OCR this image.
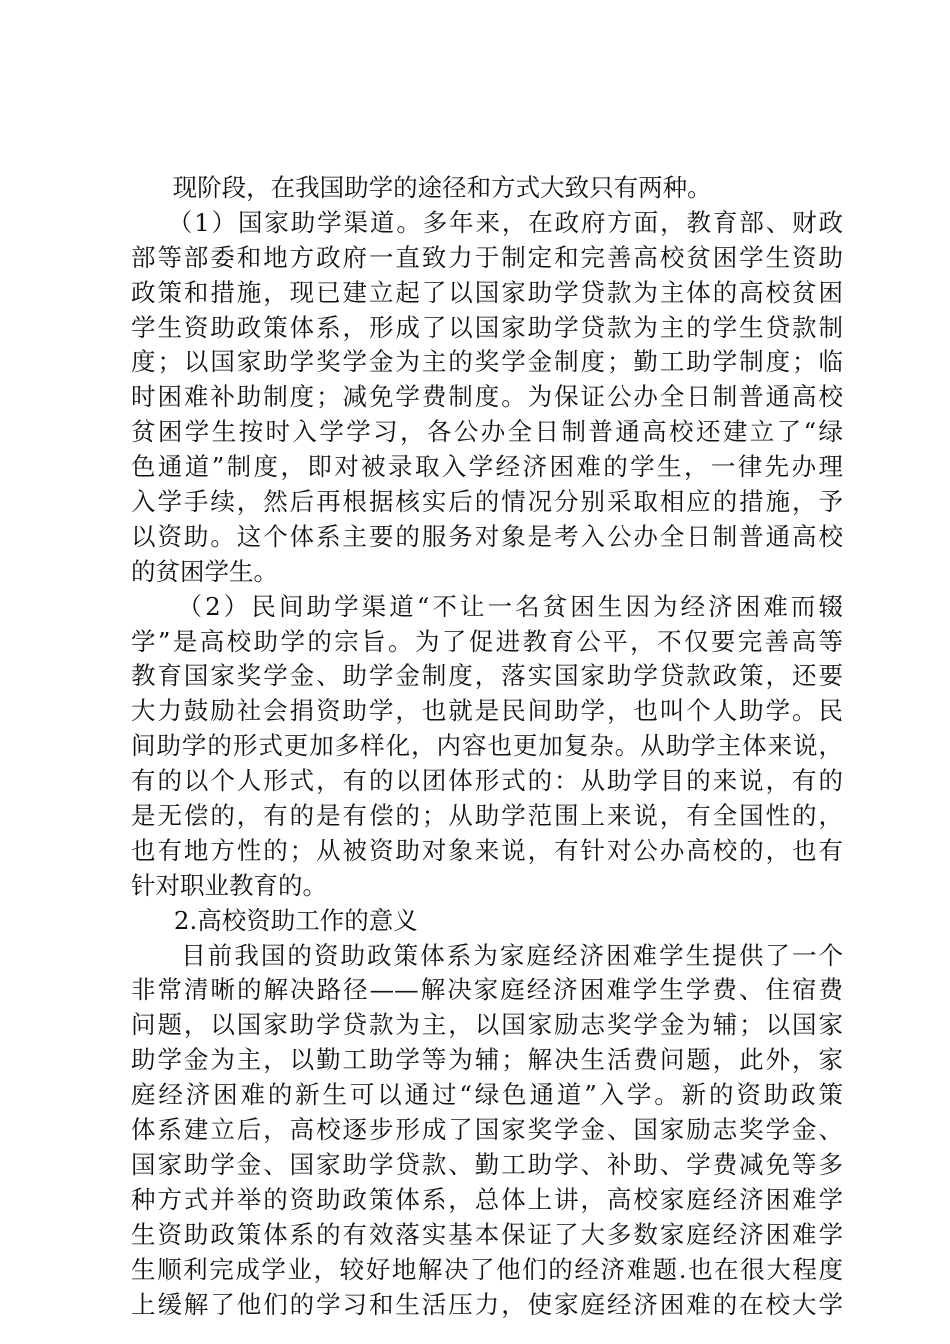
现阶段，在我国助学的途径和方式大致只有两种。
（1）国家助学渠道。多年来，在政府方面，教育部、财政
部等部委和地方政府一直致力于制定和完善高校贫困学生资助
政策和措施，现已建立起了以国家助学贷款为主体的高校贫困
学生资助政策体系，形成了以国家助学贷款为主的学生贷款制
度；以国家助学奖学金为主的奖学金制度；勤工助学制度；临
时困难补助制度；减免学费制度。为保证公办全日制普通高校
贫困学生按时入学学习，各公办全日制普通高校还建立了“绿
色通道”制度，即对被录取入学经济困难的学生，一律先办理
入学手续，然后再根据核实后的情况分别采取相应的措施，予
以资助。这个体系主要的服务对象是考入公办全日制普通高校
的贫困学生。
（2）民间助学渠道“不让一名贫困生因为经济困难而辍
学”是高校助学的宗旨。为了促进教育公平，不仅要完善高等
教育国家奖学金、助学金制度，落实国家助学贷款政策，还要
大力鼓励社会捐资助学，也就是民间助学，也叫个人助学。民
间助学的形式更加多样化，内容也更加复杂。从助学主体来说，
有的以个人形式，有的以团体形式的：从助学目的来说，有的
是无偿的，有的是有偿的；从助学范围上来说，有全国性的，
也有地方性的；从被资助对象来说，有针对公办高校的，也有
针对职业教育的。
2.高校资助工作的意义
目前我国的资助政策体系为家庭经济困难学生提供了一个
非常清晰的解决路径——解决家庭经济困难学生学费、住宿费
问题，以国家助学贷款为主，以国家励志奖学金为辅；以国家
助学金为主，以勤工助学等为辅；解决生活费问题，此外，家
庭经济困难的新生可以通过“绿色通道”入学。新的资助政策
体系建立后，高校逐步形成了国家奖学金、国家励志奖学金、
国家助学金、国家助学贷款、勤工助学、补助、学费减免等多
种方式并举的资助政策体系，总体上讲，高校家庭经济困难学
生资助政策体系的有效落实基本保证了大多数家庭经济困难学
生顺利完成学业，较好地解决了他们的经济难题.也在很大程度
上缓解了他们的学习和生活压力，使家庭经济困难的在校大学
